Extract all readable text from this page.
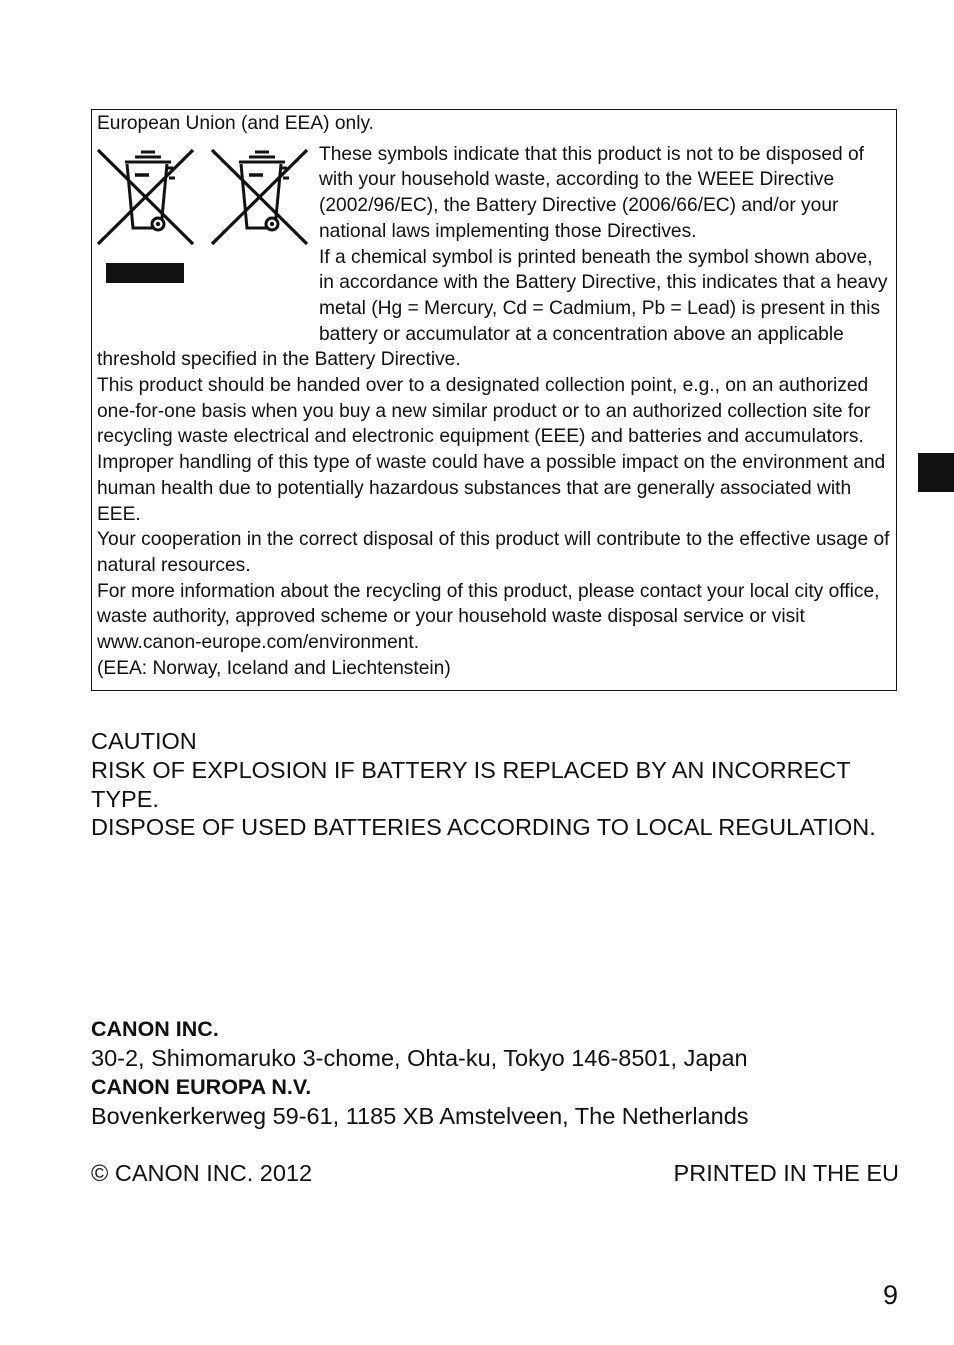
European Union (and EEA) only.

These symbols indicate that this product is not to be disposed of with your household waste, according to the WEEE Directive (2002/96/EC), the Battery Directive (2006/66/EC) and/or your national laws implementing those Directives.

If a chemical symbol is printed beneath the symbol shown above, in accordance with the Battery Directive, this indicates that a heavy metal (Hg = Mercury, Cd = Cadmium, Pb = Lead) is present in this battery or accumulator at a concentration above an applicable threshold specified in the Battery Directive.

This product should be handed over to a designated collection point, e.g., on an authorized one-for-one basis when you buy a new similar product or to an authorized collection site for recycling waste electrical and electronic equipment (EEE) and batteries and accumulators. Improper handling of this type of waste could have a possible impact on the environment and human health due to potentially hazardous substances that are generally associated with EEE.

Your cooperation in the correct disposal of this product will contribute to the effective usage of natural resources.

For more information about the recycling of this product, please contact your local city office, waste authority, approved scheme or your household waste disposal service or visit www.canon-europe.com/environment.

(EEA: Norway, Iceland and Liechtenstein)

CAUTION

RISK OF EXPLOSION IF BATTERY IS REPLACED BY AN INCORRECT TYPE.

DISPOSE OF USED BATTERIES ACCORDING TO LOCAL REGULATION.

CANON INC.

30-2, Shimomaruko 3-chome, Ohta-ku, Tokyo 146-8501, Japan

CANON EUROPA N.V.

Bovenkerkerweg 59-61, 1185 XB Amstelveen, The Netherlands

© CANON INC. 2012	PRINTED IN THE EU
9
